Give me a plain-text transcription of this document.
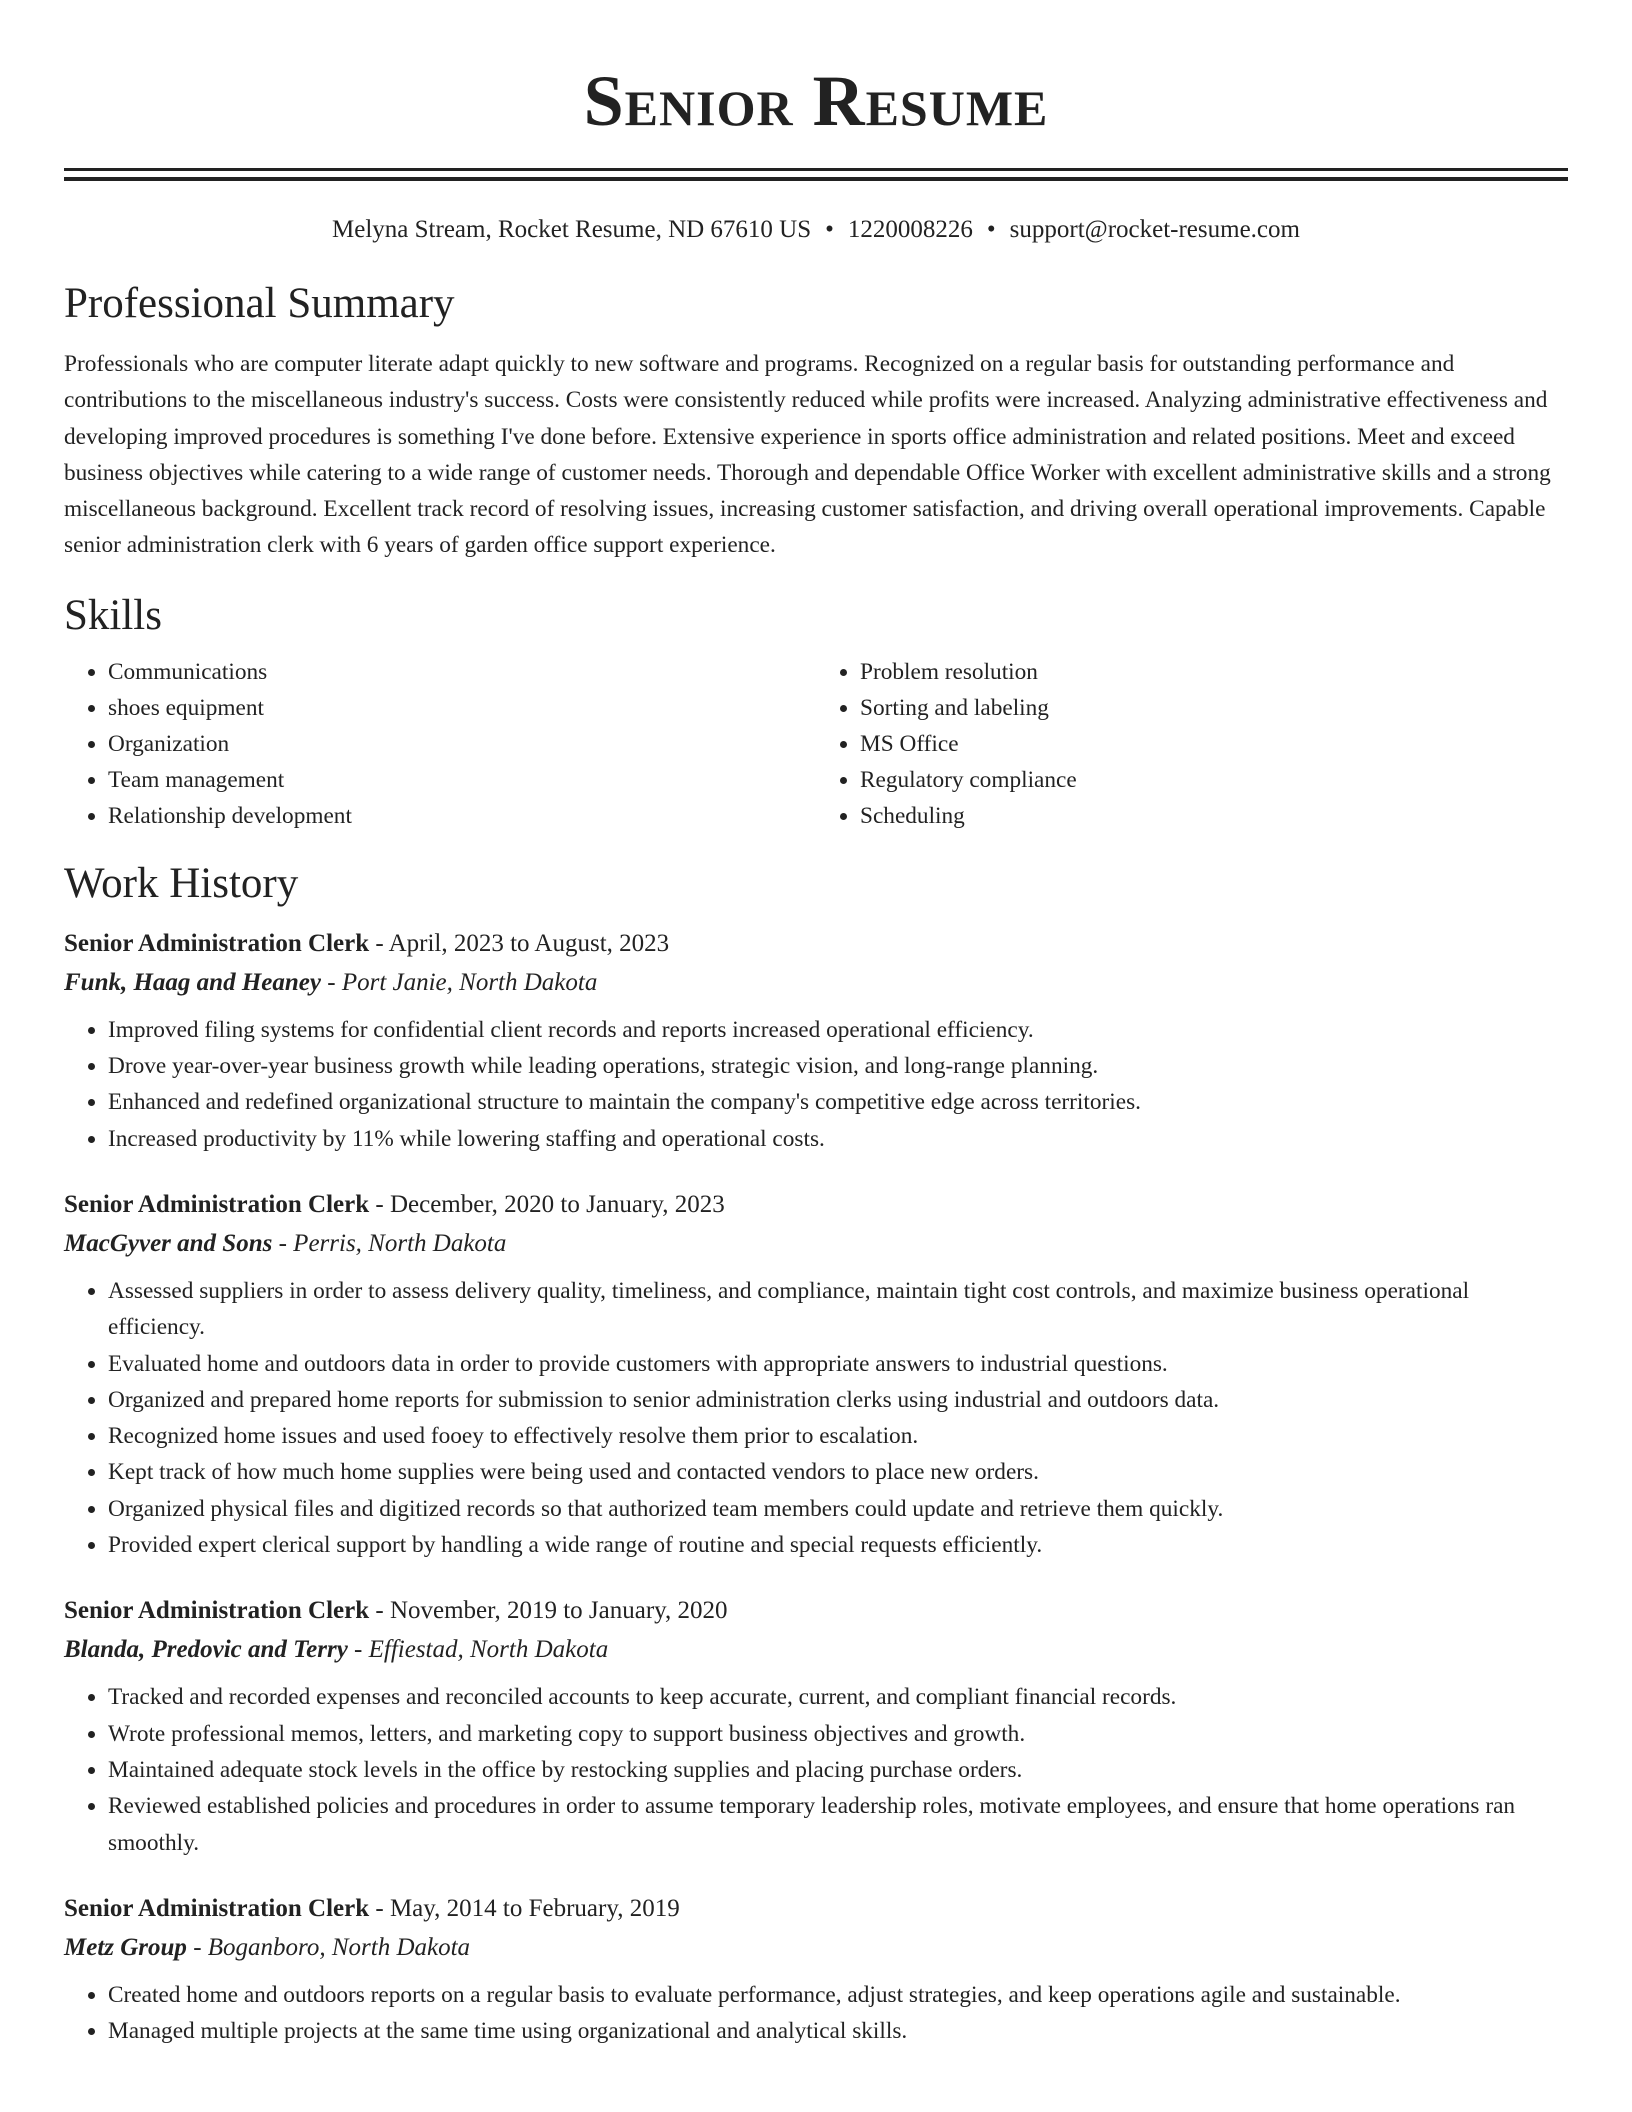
Senior Resume
Melyna Stream, Rocket Resume, ND 67610 US • 1220008226 • support@rocket-resume.com
Professional Summary

Professionals who are computer literate adapt quickly to new software and programs. Recognized on a regular basis for outstanding performance and contributions to the miscellaneous industry's success. Costs were consistently reduced while profits were increased. Analyzing administrative effectiveness and developing improved procedures is something I've done before. Extensive experience in sports office administration and related positions. Meet and exceed business objectives while catering to a wide range of customer needs. Thorough and dependable Office Worker with excellent administrative skills and a strong miscellaneous background. Excellent track record of resolving issues, increasing customer satisfaction, and driving overall operational improvements. Capable senior administration clerk with 6 years of garden office support experience.

Skills
• Communications
• shoes equipment
• Organization
• Team management
• Relationship development
• Problem resolution
• Sorting and labeling
• MS Office
• Regulatory compliance
• Scheduling
Work History
Senior Administration Clerk - April, 2023 to August, 2023
Funk, Haag and Heaney - Port Janie, North Dakota
• Improved filing systems for confidential client records and reports increased operational efficiency.
• Drove year-over-year business growth while leading operations, strategic vision, and long-range planning.
• Enhanced and redefined organizational structure to maintain the company's competitive edge across territories.
• Increased productivity by 11% while lowering staffing and operational costs.
Senior Administration Clerk - December, 2020 to January, 2023
MacGyver and Sons - Perris, North Dakota
• Assessed suppliers in order to assess delivery quality, timeliness, and compliance, maintain tight cost controls, and maximize business operational efficiency.
• Evaluated home and outdoors data in order to provide customers with appropriate answers to industrial questions.
• Organized and prepared home reports for submission to senior administration clerks using industrial and outdoors data.
• Recognized home issues and used fooey to effectively resolve them prior to escalation.
• Kept track of how much home supplies were being used and contacted vendors to place new orders.
• Organized physical files and digitized records so that authorized team members could update and retrieve them quickly.
• Provided expert clerical support by handling a wide range of routine and special requests efficiently.
Senior Administration Clerk - November, 2019 to January, 2020
Blanda, Predovic and Terry - Effiestad, North Dakota
• Tracked and recorded expenses and reconciled accounts to keep accurate, current, and compliant financial records.
• Wrote professional memos, letters, and marketing copy to support business objectives and growth.
• Maintained adequate stock levels in the office by restocking supplies and placing purchase orders.
• Reviewed established policies and procedures in order to assume temporary leadership roles, motivate employees, and ensure that home operations ran smoothly.
Senior Administration Clerk - May, 2014 to February, 2019
Metz Group - Boganboro, North Dakota
• Created home and outdoors reports on a regular basis to evaluate performance, adjust strategies, and keep operations agile and sustainable.
• Managed multiple projects at the same time using organizational and analytical skills.
